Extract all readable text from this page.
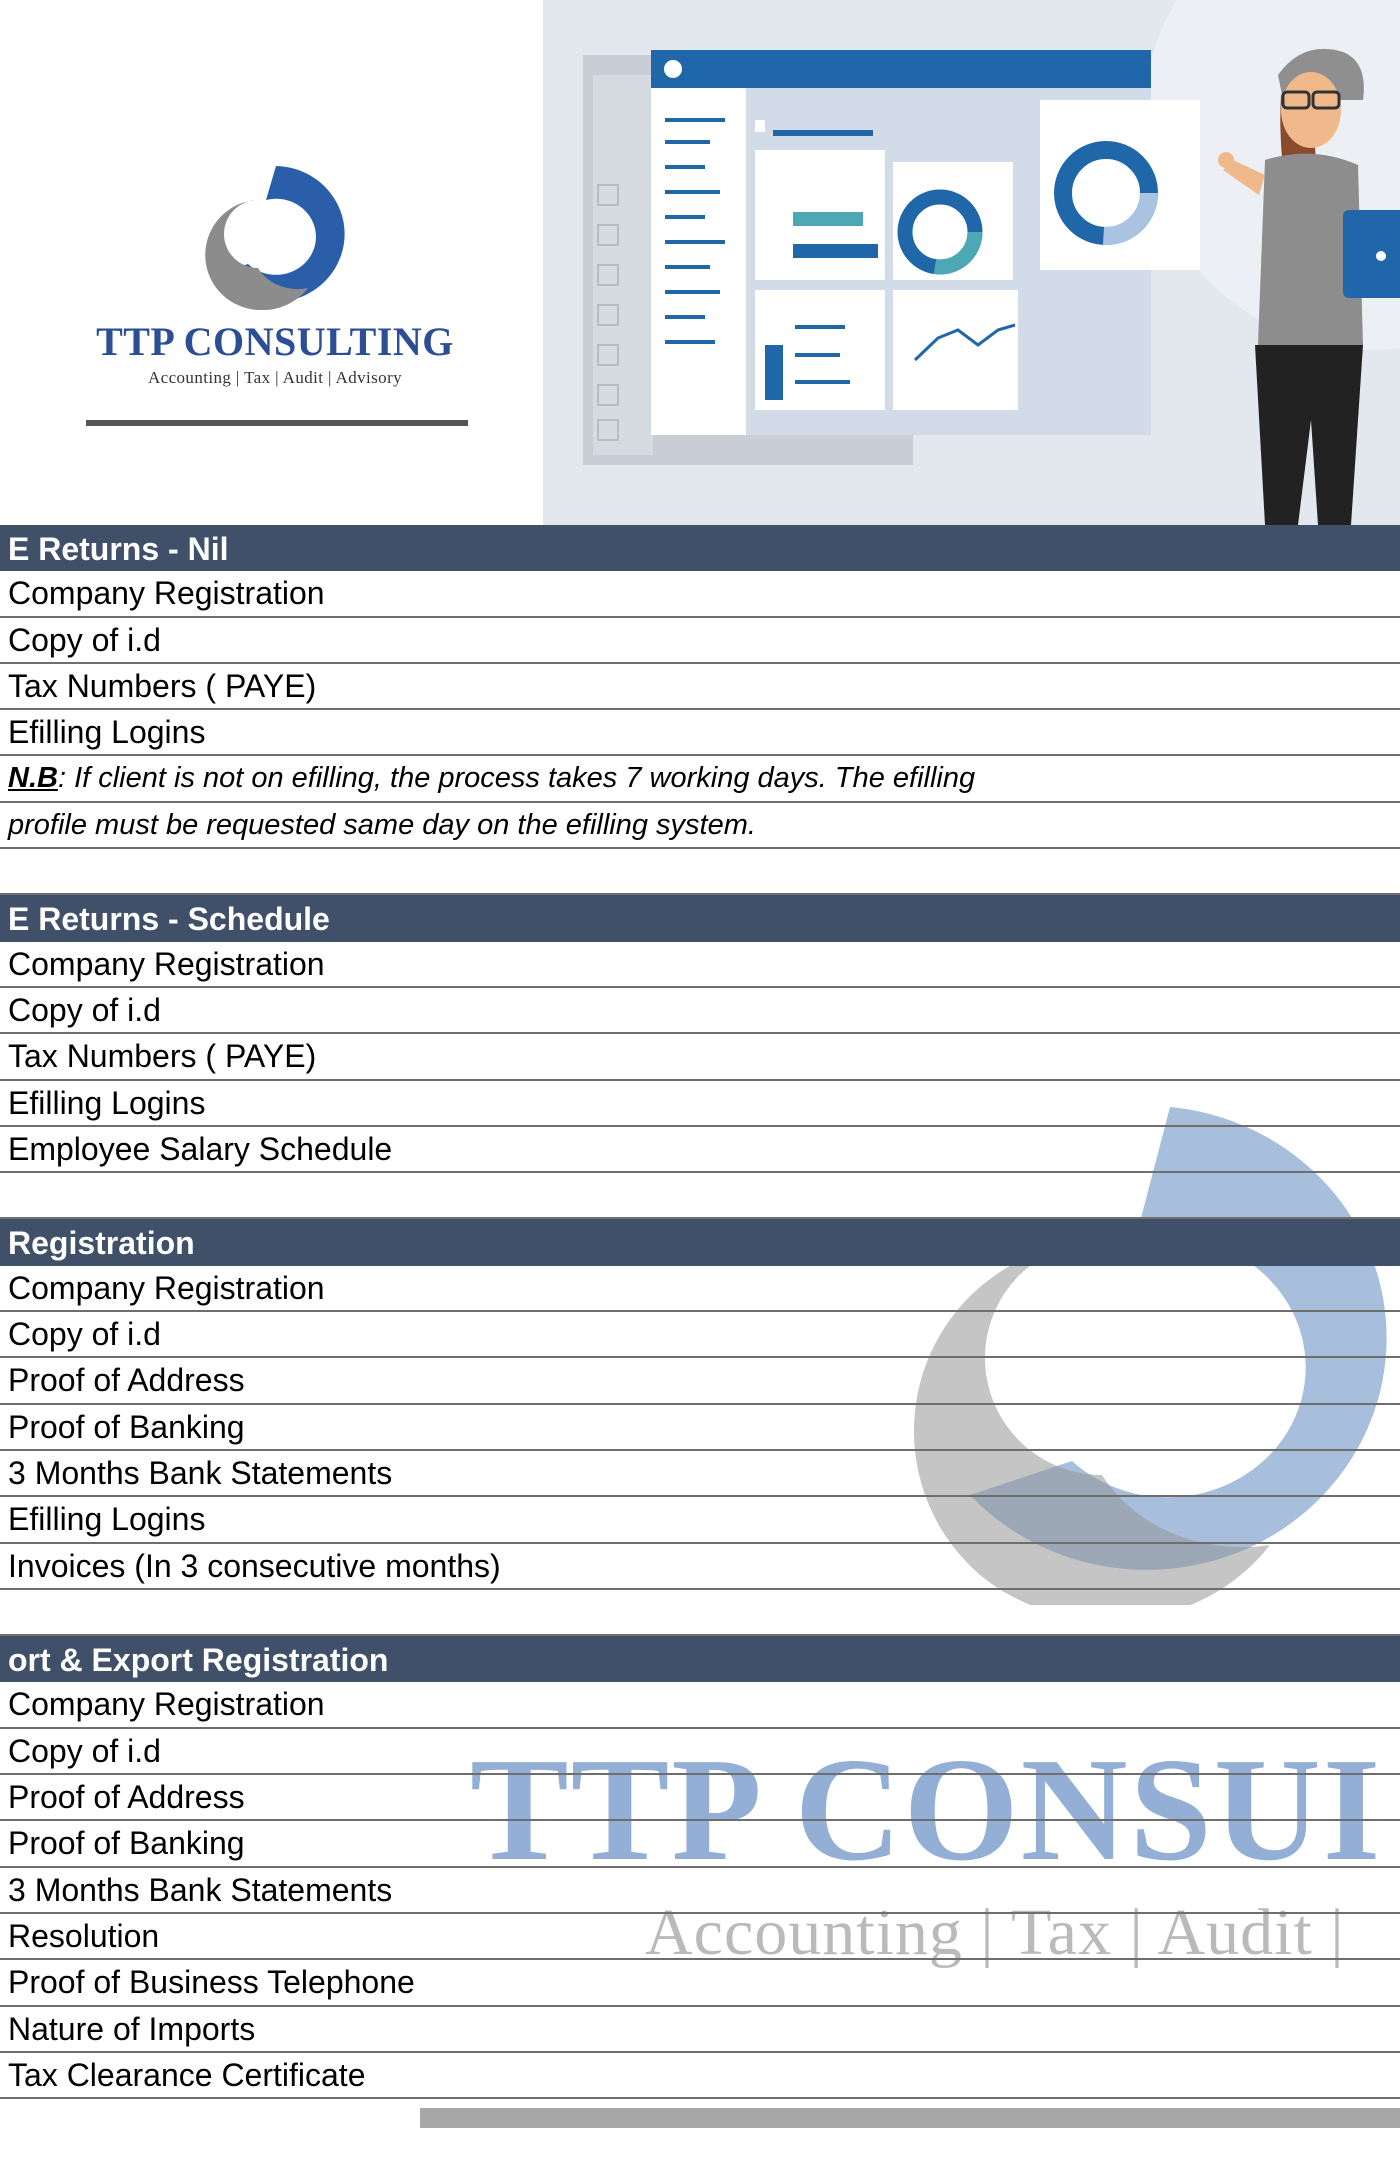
TTP CONSULTING
Accounting | Tax | Audit | Advisory
TTP CONSUI
Accounting | Tax | Audit |
E Returns - Nil
Company Registration
Copy of i.d
Tax Numbers ( PAYE)
Efilling Logins
N.B: If client is not on efilling, the process takes 7 working days. The efilling
profile must be requested same day on the efilling system.
E Returns - Schedule
Company Registration
Copy of i.d
Tax Numbers ( PAYE)
Efilling Logins
Employee Salary Schedule
Registration
Company Registration
Copy of i.d
Proof of Address
Proof of Banking
3 Months Bank Statements
Efilling Logins
Invoices (In 3 consecutive months)
ort & Export Registration
Company Registration
Copy of i.d
Proof of Address
Proof of Banking
3 Months Bank Statements
Resolution
Proof of Business Telephone
Nature of Imports
Tax Clearance Certificate
